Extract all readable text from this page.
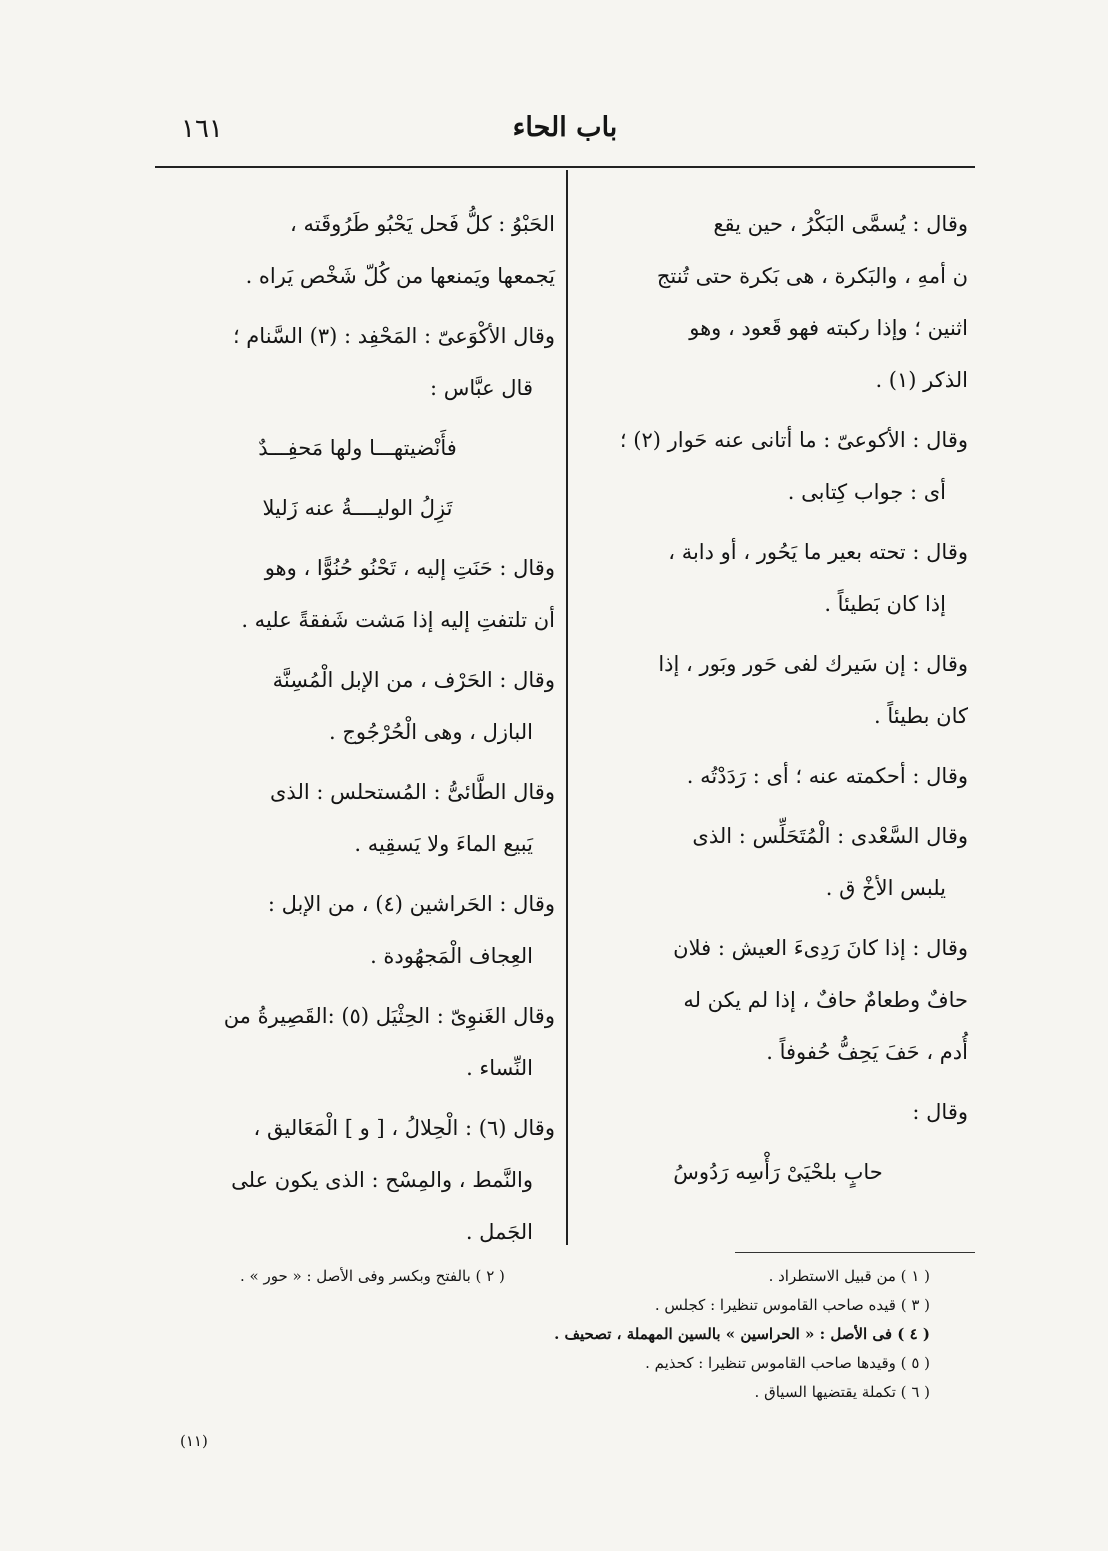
١٦١	باب الحاء
وقال : يُسمَّى البَكْرُ ، حين يقع
ن أمهِ ، والبَكرة ، هى بَكرة حتى تُنتج
اثنين ؛ وإذا ركبته فهو قَعود ، وهو
الذكر (١) .
وقال : الأكوعىّ : ما أتانى عنه حَوار (٢) ؛
أى : جواب كِتابى .
وقال : تحته بعير ما يَحُور ، أو دابة ،
إذا كان بَطيئاً .
وقال : إن سَيرك لفى حَور وبَور ، إذا
كان بطيئاً .
وقال : أحكمته عنه ؛ أى : رَدَدْتُه .
وقال السَّعْدى : الْمُتَحَلِّس : الذى
يلبس الأخْ ق .
وقال : إذا كانَ رَدِىءَ العيش : فلان
حافٌ وطعامٌ حافٌ ، إذا لم يكن له
أُدم ، حَفَ يَحِفُّ حُفوفاً .
وقال :
حابٍ بلحْيَىْ رَأْسِه رَدُوسُ
الحَبْوُ : كلُّ فَحل يَحْبُو طَرُوقَته ،
يَجمعها ويَمنعها من كُلّ شَخْص يَراه .
وقال الأكْوَعىّ : المَحْفِد : (٣) السَّنام ؛
قال عبَّاس :
فأَنْضيتهـــا ولها مَحفِـــدٌ
تَزِلُ الوليــــةُ عنه زَليلا
وقال : حَنَتِ إليه ، تَحْنُو حُنُوًّا ، وهو
أن تلتفتِ إليه إذا مَشت شَفقةً عليه .
وقال : الحَرْف ، من الإبل الْمُسِنَّة
البازل ، وهى الْحُرْجُوج .
وقال الطَّائىُّ : المُستحلس : الذى
يَبيع الماءَ ولا يَسقِيه .
وقال : الحَراشين (٤) ، من الإبل :
العِجاف الْمَجهُودة .
وقال الغَنوِىّ : الحِثْيَل (٥) :القَصِيرةُ من
النِّساء .
وقال (٦) : الْحِلالُ ، [ و ] الْمَعَاليق ،
والنَّمط ، والمِسْح : الذى يكون على
الجَمل .
( ١ ) من قبيل الاستطراد .
( ٢ ) بالفتح وبكسر وفى الأصل : « حور » .
( ٣ ) قيده صاحب القاموس تنظيرا : كجلس .
( ٤ ) فى الأصل : « الحراسين » بالسين المهملة ، تصحيف .
( ٥ ) وقيدها صاحب القاموس تنظيرا : كحذيم .
( ٦ ) تكملة يقتضيها السياق .
(١١)
